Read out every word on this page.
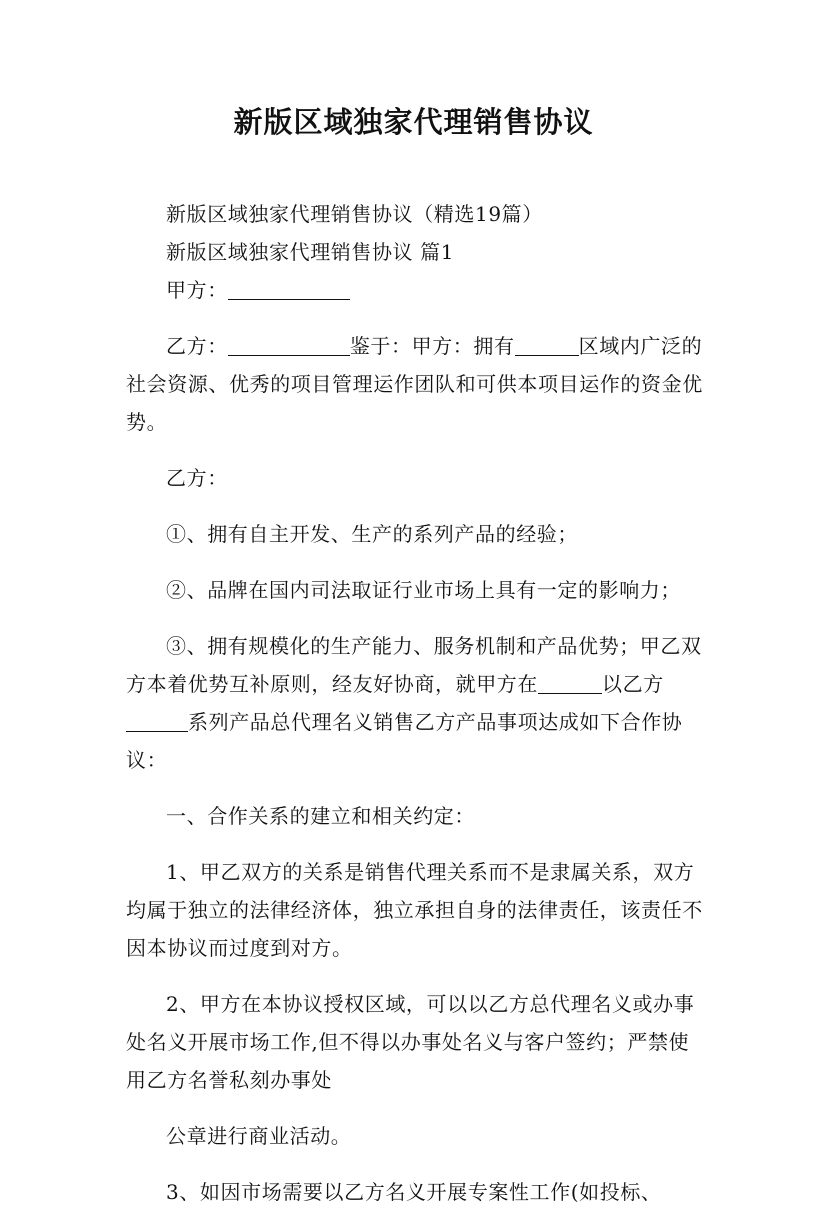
新版区域独家代理销售协议

新版区域独家代理销售协议（精选19篇）

新版区域独家代理销售协议 篇1

甲方：

乙方：	鉴于：甲方：拥有	区域内广泛的社会资源、优秀的项目管理运作团队和可供本项目运作的资金优势。

乙方：

①、拥有自主开发、生产的系列产品的经验；

②、品牌在国内司法取证行业市场上具有一定的影响力；

③、拥有规模化的生产能力、服务机制和产品优势；甲乙双方本着优势互补原则，经友好协商，就甲方在	以乙方系列产品总代理名义销售乙方产品事项达成如下合作协议：

一、合作关系的建立和相关约定：

1、甲乙双方的关系是销售代理关系而不是隶属关系，双方均属于独立的法律经济体，独立承担自身的法律责任，该责任不因本协议而过度到对方。

2、甲方在本协议授权区域，可以以乙方总代理名义或办事处名义开展市场工作,但不得以办事处名义与客户签约；严禁使用乙方名誉私刻办事处

公章进行商业活动。

3、如因市场需要以乙方名义开展专案性工作(如投标、
